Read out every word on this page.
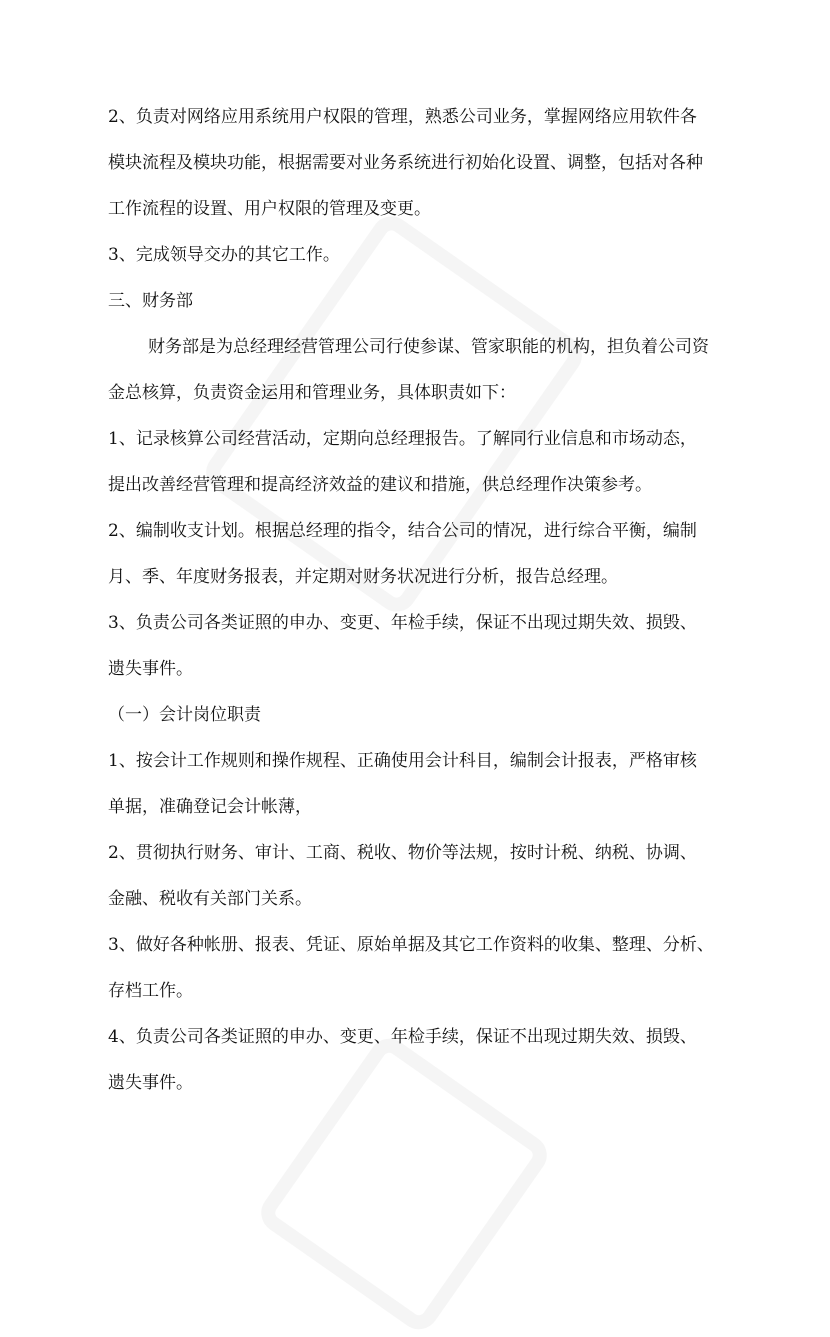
2、负责对网络应用系统用户权限的管理，熟悉公司业务，掌握网络应用软件各

模块流程及模块功能，根据需要对业务系统进行初始化设置、调整，包括对各种

工作流程的设置、用户权限的管理及变更。

3、完成领导交办的其它工作。

三、财务部

财务部是为总经理经营管理公司行使参谋、管家职能的机构，担负着公司资

金总核算，负责资金运用和管理业务，具体职责如下：

1、记录核算公司经营活动，定期向总经理报告。了解同行业信息和市场动态，

提出改善经营管理和提高经济效益的建议和措施，供总经理作决策参考。

2、编制收支计划。根据总经理的指令，结合公司的情况，进行综合平衡，编制

月、季、年度财务报表，并定期对财务状况进行分析，报告总经理。

3、负责公司各类证照的申办、变更、年检手续，保证不出现过期失效、损毁、

遗失事件。

（一）会计岗位职责

1、按会计工作规则和操作规程、正确使用会计科目，编制会计报表，严格审核

单据，准确登记会计帐薄，

2、贯彻执行财务、审计、工商、税收、物价等法规，按时计税、纳税、协调、

金融、税收有关部门关系。

3、做好各种帐册、报表、凭证、原始单据及其它工作资料的收集、整理、分析、

存档工作。

4、负责公司各类证照的申办、变更、年检手续，保证不出现过期失效、损毁、

遗失事件。
